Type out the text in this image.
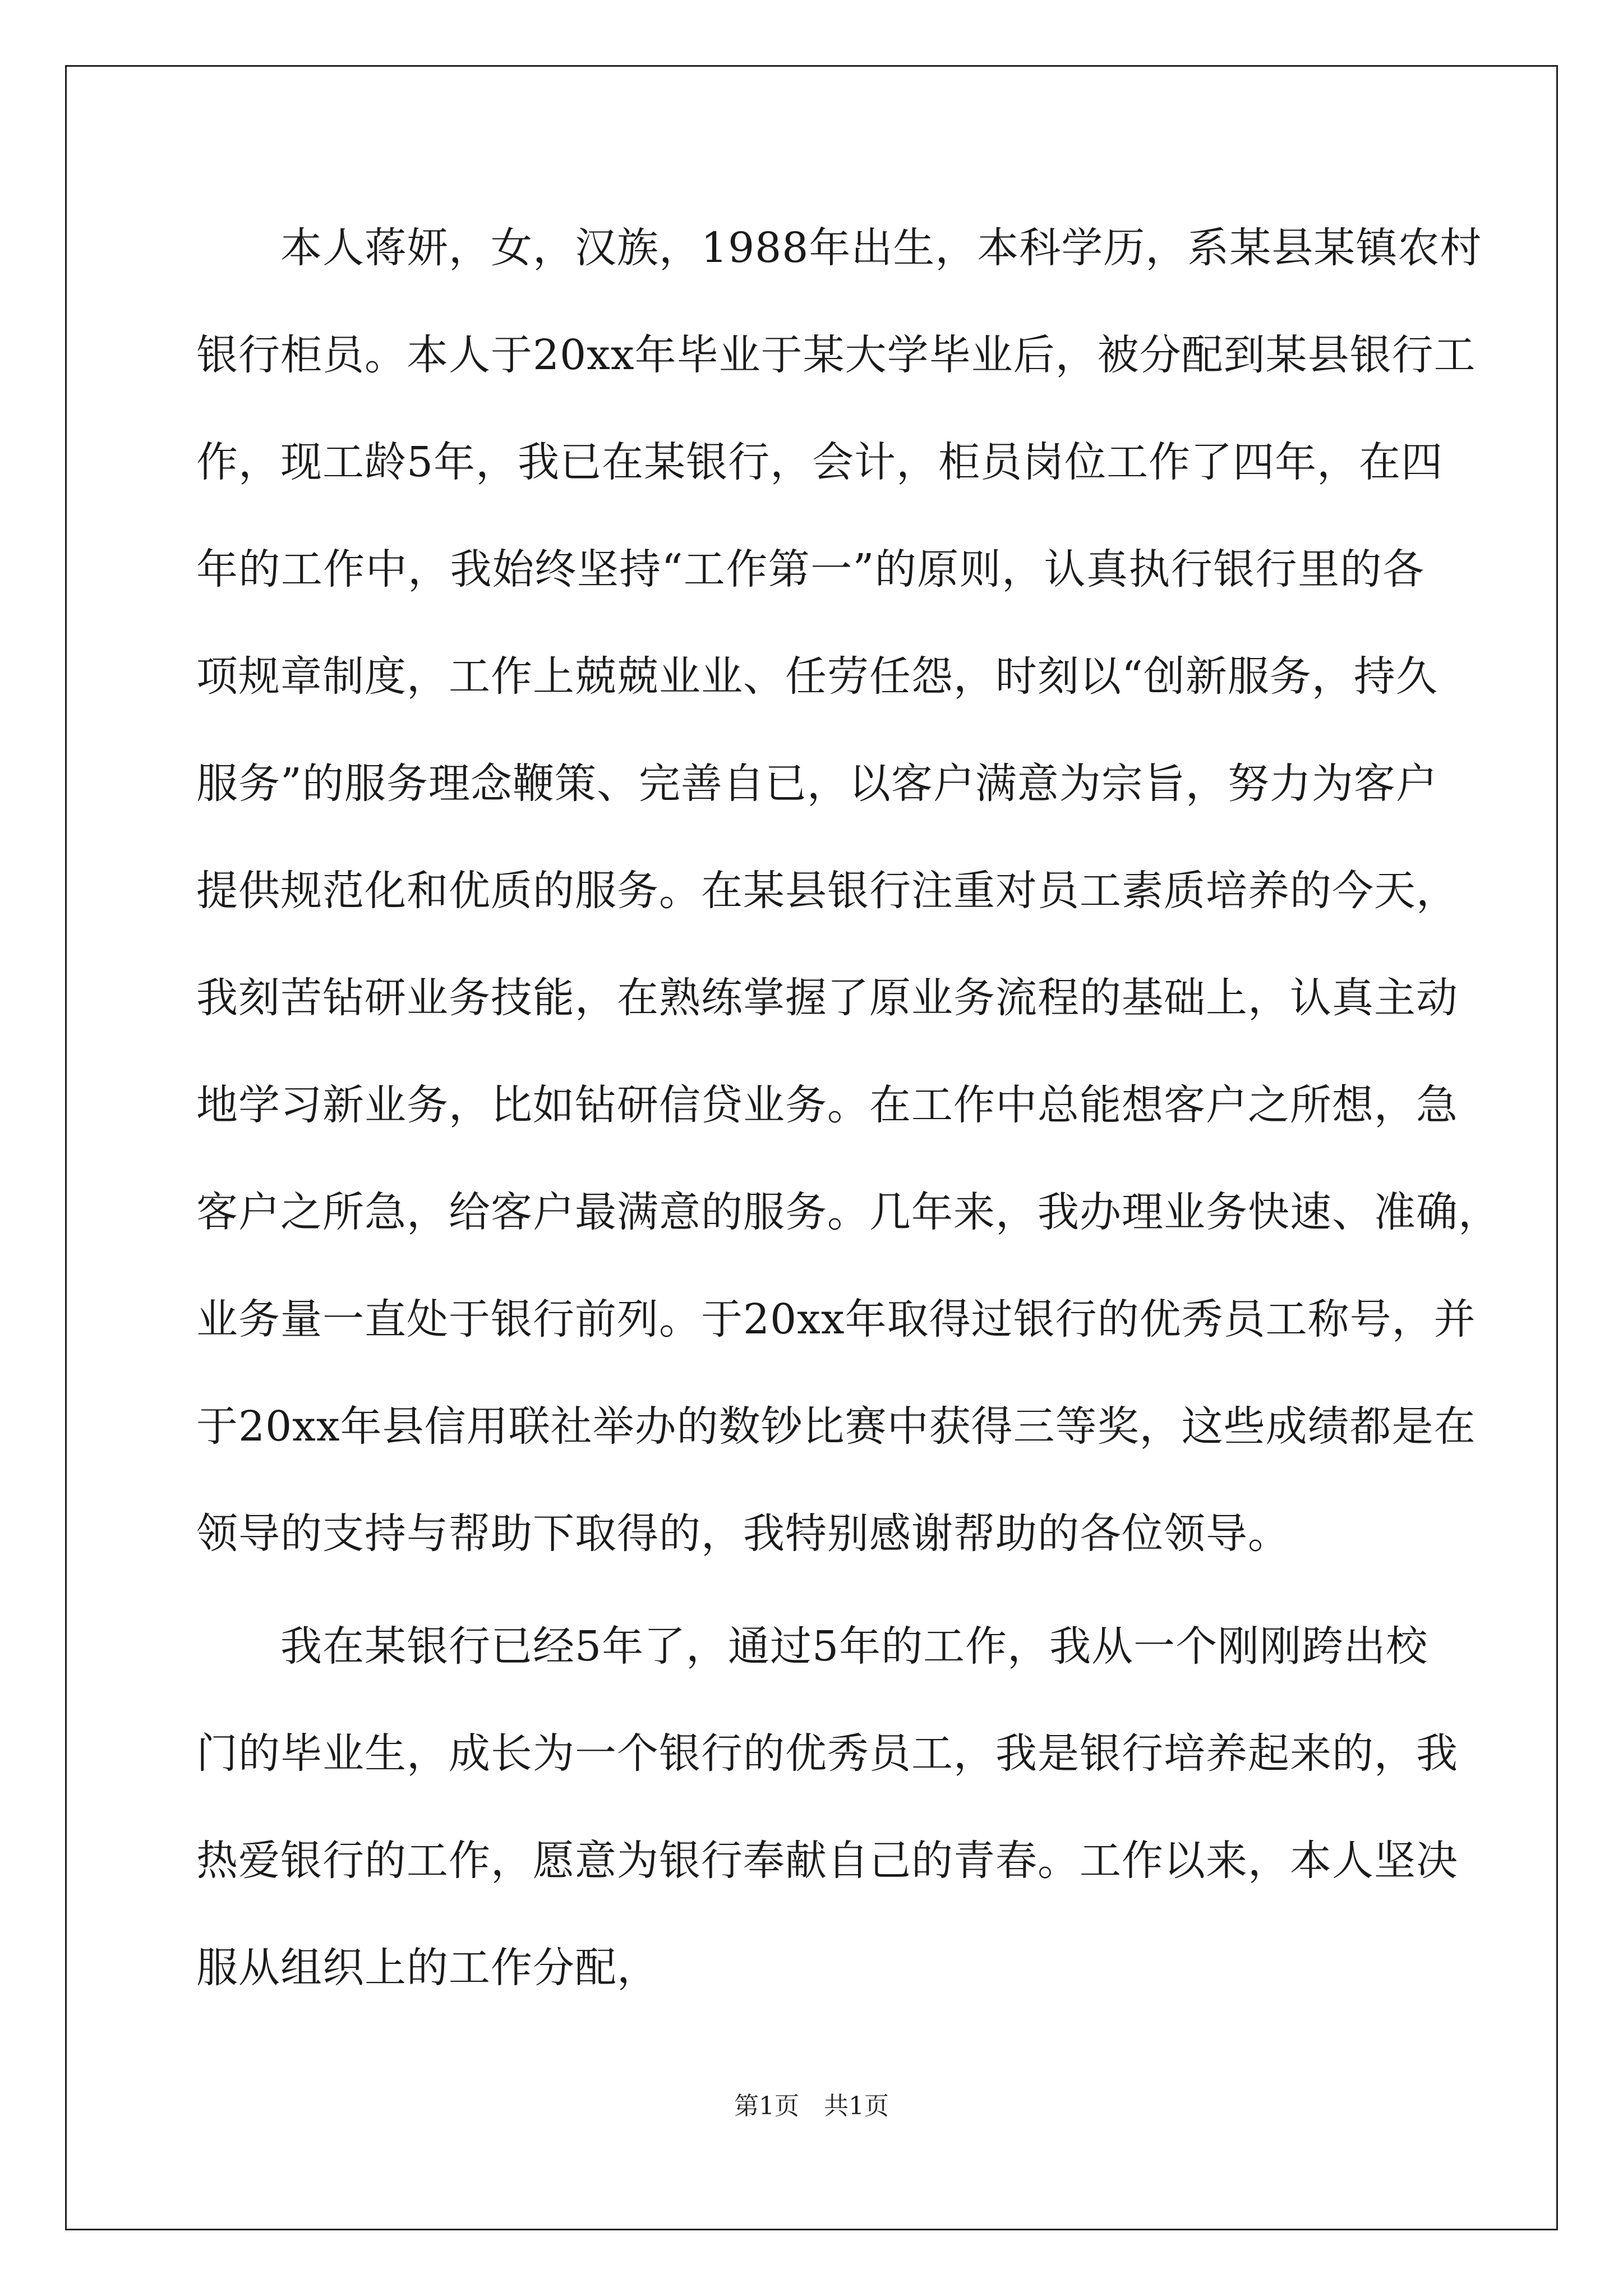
　　本人蒋妍，女，汉族，1988年出生，本科学历，系某县某镇农村
银行柜员。本人于20xx年毕业于某大学毕业后，被分配到某县银行工
作，现工龄5年，我已在某银行，会计，柜员岗位工作了四年，在四
年的工作中，我始终坚持“工作第一”的原则，认真执行银行里的各
项规章制度，工作上兢兢业业、任劳任怨，时刻以“创新服务，持久
服务”的服务理念鞭策、完善自已，以客户满意为宗旨，努力为客户
提供规范化和优质的服务。在某县银行注重对员工素质培养的今天，
我刻苦钻研业务技能，在熟练掌握了原业务流程的基础上，认真主动
地学习新业务，比如钻研信贷业务。在工作中总能想客户之所想，急
客户之所急，给客户最满意的服务。几年来，我办理业务快速、准确，
业务量一直处于银行前列。于20xx年取得过银行的优秀员工称号，并
于20xx年县信用联社举办的数钞比赛中获得三等奖，这些成绩都是在
领导的支持与帮助下取得的，我特别感谢帮助的各位领导。
　　我在某银行已经5年了，通过5年的工作，我从一个刚刚跨出校
门的毕业生，成长为一个银行的优秀员工，我是银行培养起来的，我
热爱银行的工作，愿意为银行奉献自己的青春。工作以来，本人坚决
服从组织上的工作分配，
第1页 共1页
